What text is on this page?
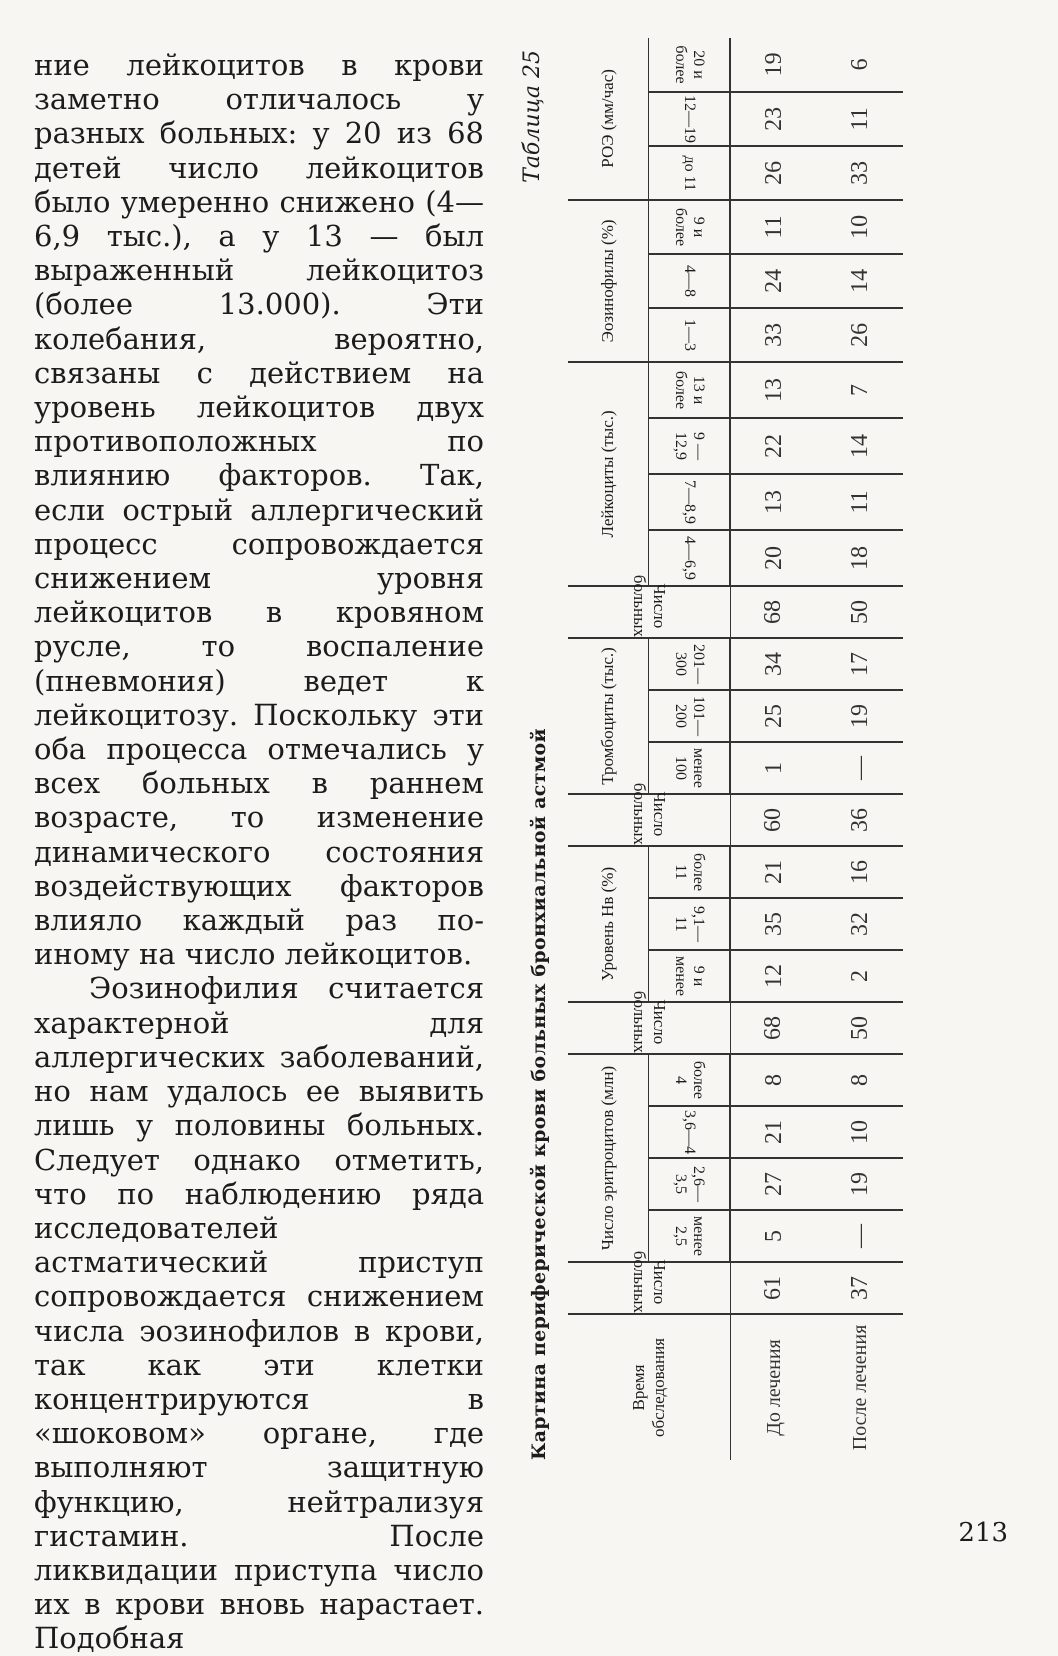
ние лейкоцитов в крови заметно отличалось у разных больных: у 20 из 68 детей число лейкоцитов было умеренно снижено (4—6,9 тыс.), а у 13 — был выраженный лейкоцитоз (более 13.000). Эти колебания, вероятно, связаны с действием на уровень лейкоцитов двух противоположных по влиянию факторов. Так, если острый аллергический процесс сопровождается снижением уровня лейкоцитов в кровяном русле, то воспаление (пневмония) ведет к лейкоцитозу. Поскольку эти оба процесса отмечались у всех больных в раннем возрасте, то изменение динамического состояния воздействующих факторов влияло каждый раз по-иному на число лейкоцитов.

Эозинофилия считается характерной для аллергических заболеваний, но нам удалось ее выявить лишь у половины больных. Следует однако отметить, что по наблюдению ряда исследователей астматический приступ сопровождается снижением числа эозинофилов в крови, так как эти клетки концентрируются в «шоковом» органе, где выполняют защитную функцию, нейтрализуя гистамин. После ликвидации приступа число их в крови вновь нарастает. Подобная

Картина периферической крови больных бронхиальной астмой
Таблица 25
Время обследования	Число больных	Число эритроцитов (млн)				Число больных	Уровень Hв (%)			Число больных	Тромбоциты (тыс.)			Число больных	Лейкоциты (тыс.)				Эозинофилы (%)			РОЭ (мм/час)		
		менее 2,5	2,6—3,5	3,6—4	более 4		9 и менее	9,1—11	более 11		менее 100	101—200	201—300		4—6,9	7—8,9	9 — 12,9	13 и более	1—3	4—8	9 и более	до 11	12—19	20 и более
До лечения	61	5	27	21	8	68	12	35	21	60	1	25	34	68	20	13	22	13	33	24	11	26	23	19
После лечения	37	—	19	10	8	50	2	32	16	36	—	19	17	50	18	11	14	7	26	14	10	33	11	6
213
